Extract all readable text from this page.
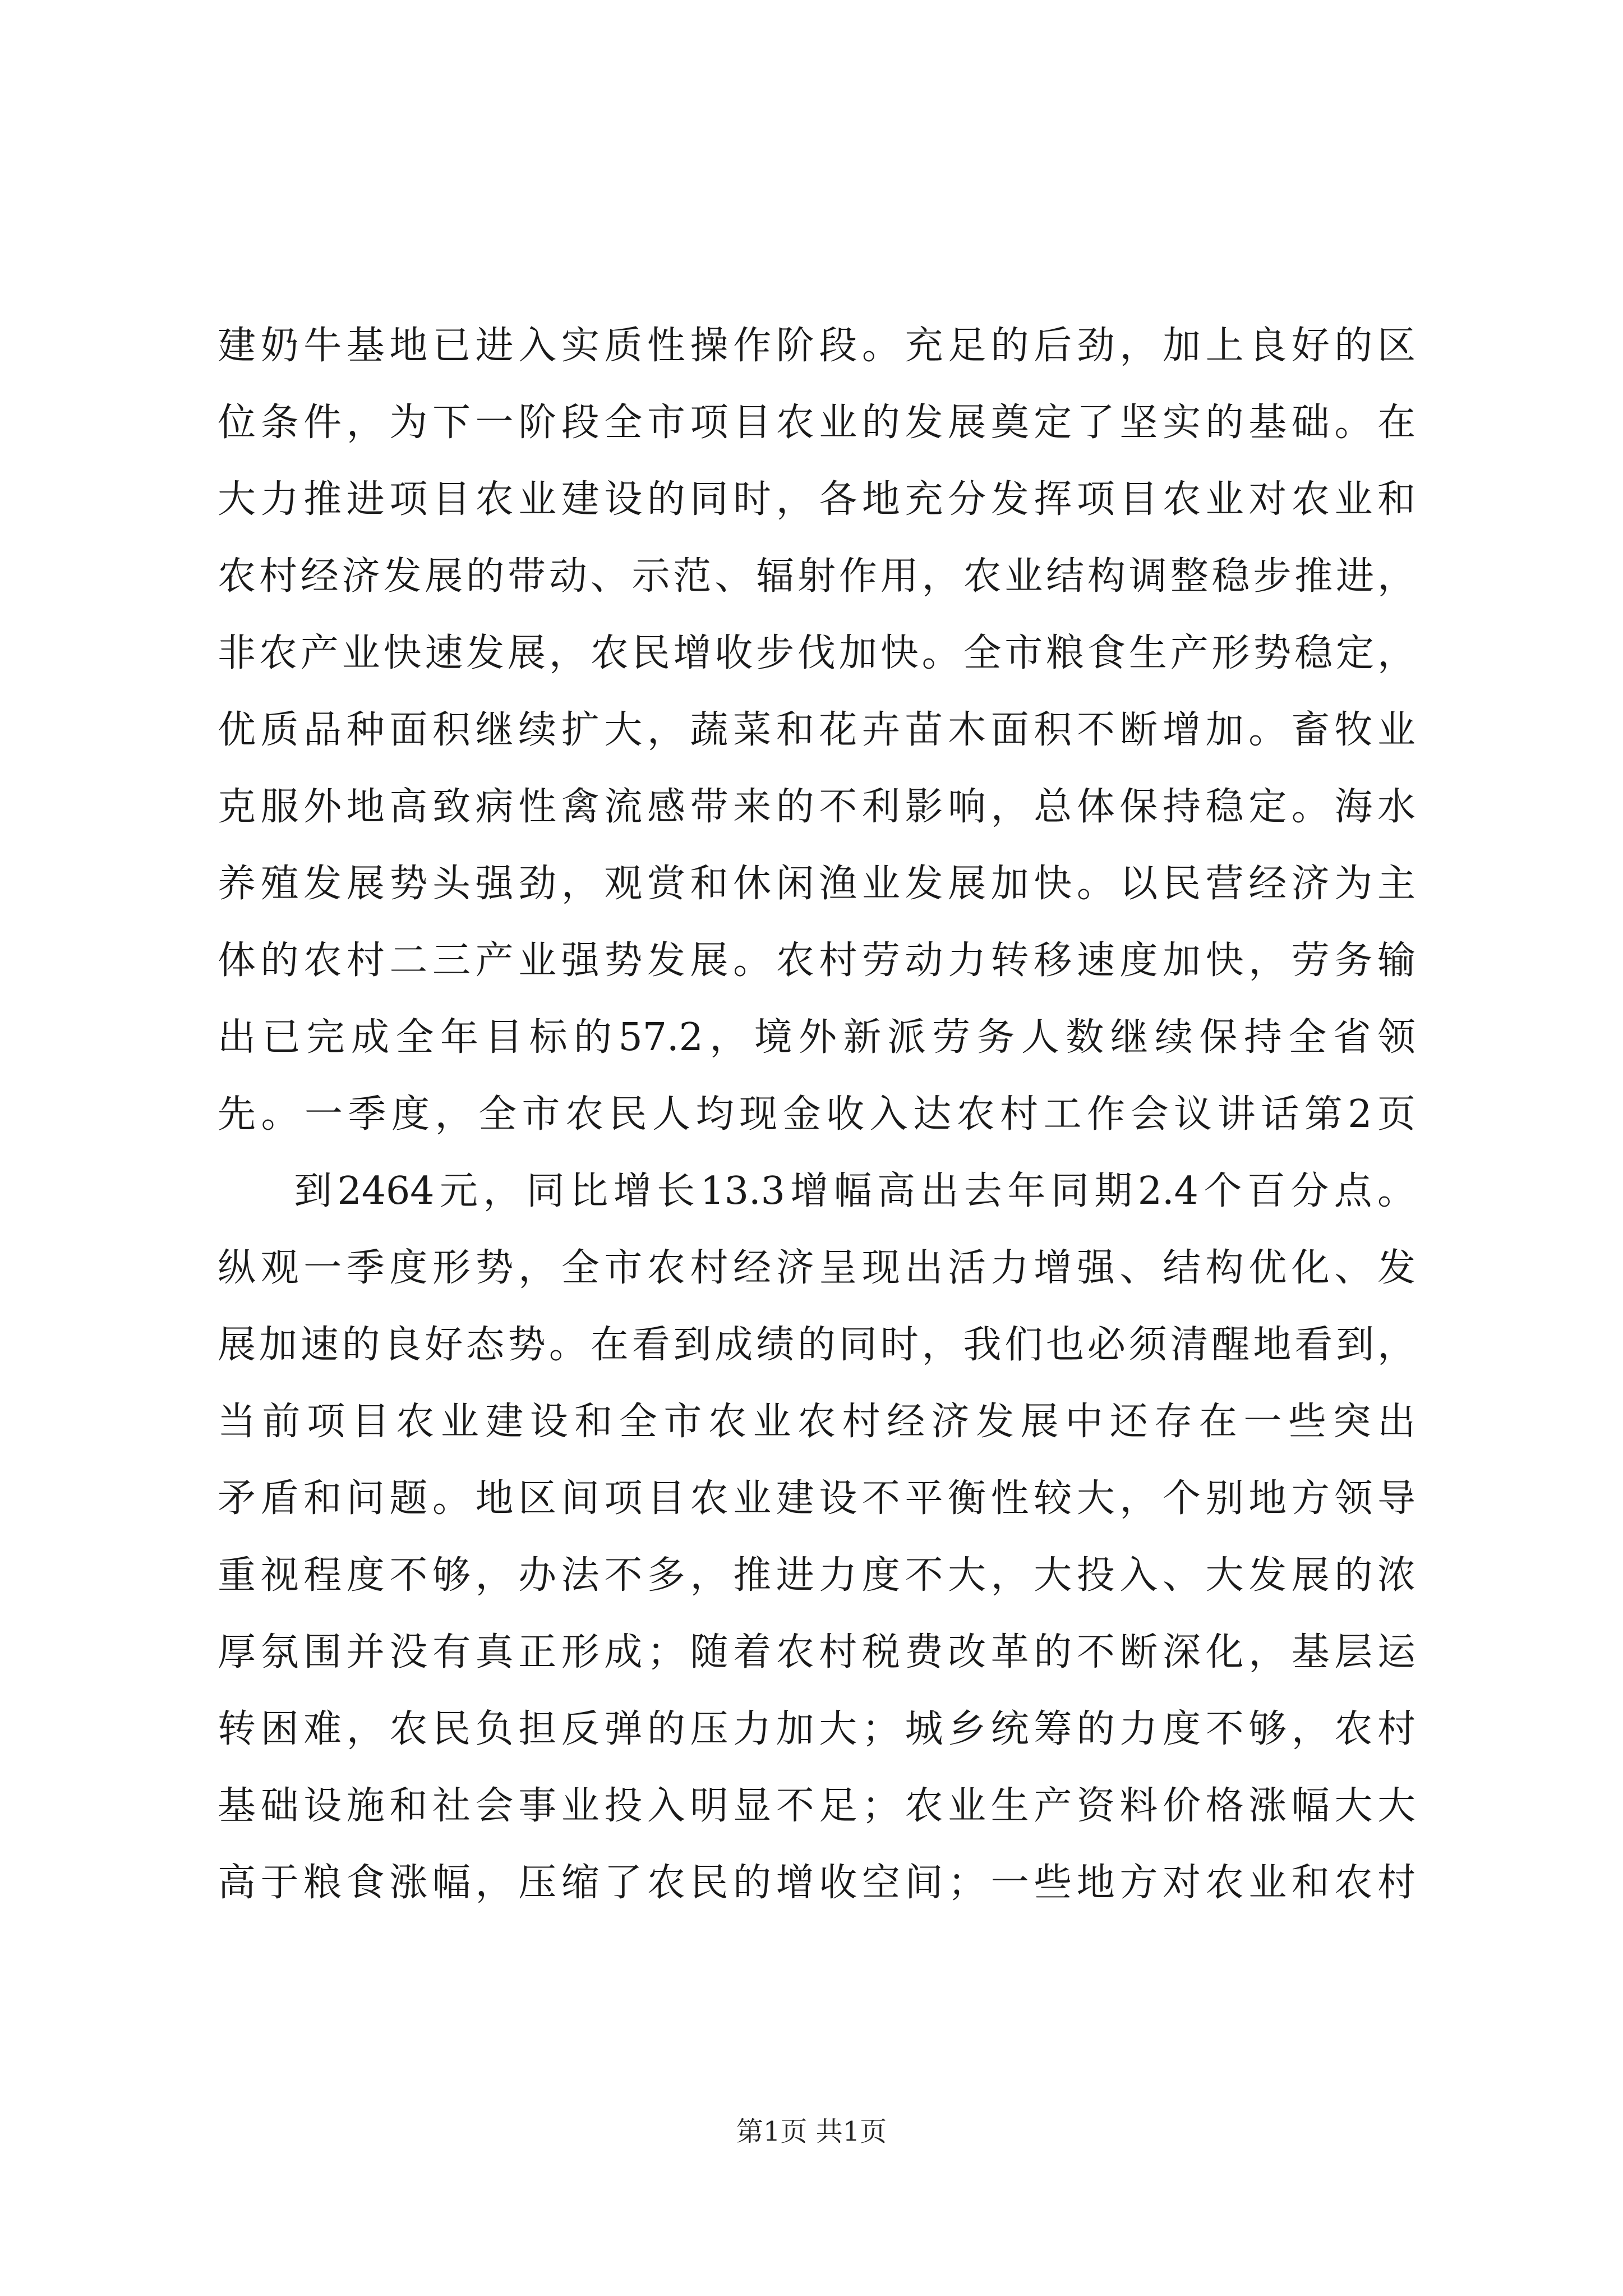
建奶牛基地已进入实质性操作阶段。充足的后劲，加上良好的区
位条件，为下一阶段全市项目农业的发展奠定了坚实的基础。在
大力推进项目农业建设的同时，各地充分发挥项目农业对农业和
农村经济发展的带动、示范、辐射作用，农业结构调整稳步推进，
非农产业快速发展，农民增收步伐加快。全市粮食生产形势稳定，
优质品种面积继续扩大，蔬菜和花卉苗木面积不断增加。畜牧业
克服外地高致病性禽流感带来的不利影响，总体保持稳定。海水
养殖发展势头强劲，观赏和休闲渔业发展加快。以民营经济为主
体的农村二三产业强势发展。农村劳动力转移速度加快，劳务输
出已完成全年目标的57.2，境外新派劳务人数继续保持全省领
先。一季度，全市农民人均现金收入达农村工作会议讲话第2页
到2464元，同比增长13.3增幅高出去年同期2.4个百分点。
纵观一季度形势，全市农村经济呈现出活力增强、结构优化、发
展加速的良好态势。在看到成绩的同时，我们也必须清醒地看到，
当前项目农业建设和全市农业农村经济发展中还存在一些突出
矛盾和问题。地区间项目农业建设不平衡性较大，个别地方领导
重视程度不够，办法不多，推进力度不大，大投入、大发展的浓
厚氛围并没有真正形成；随着农村税费改革的不断深化，基层运
转困难，农民负担反弹的压力加大；城乡统筹的力度不够，农村
基础设施和社会事业投入明显不足；农业生产资料价格涨幅大大
高于粮食涨幅，压缩了农民的增收空间；一些地方对农业和农村
第1页 共1页
